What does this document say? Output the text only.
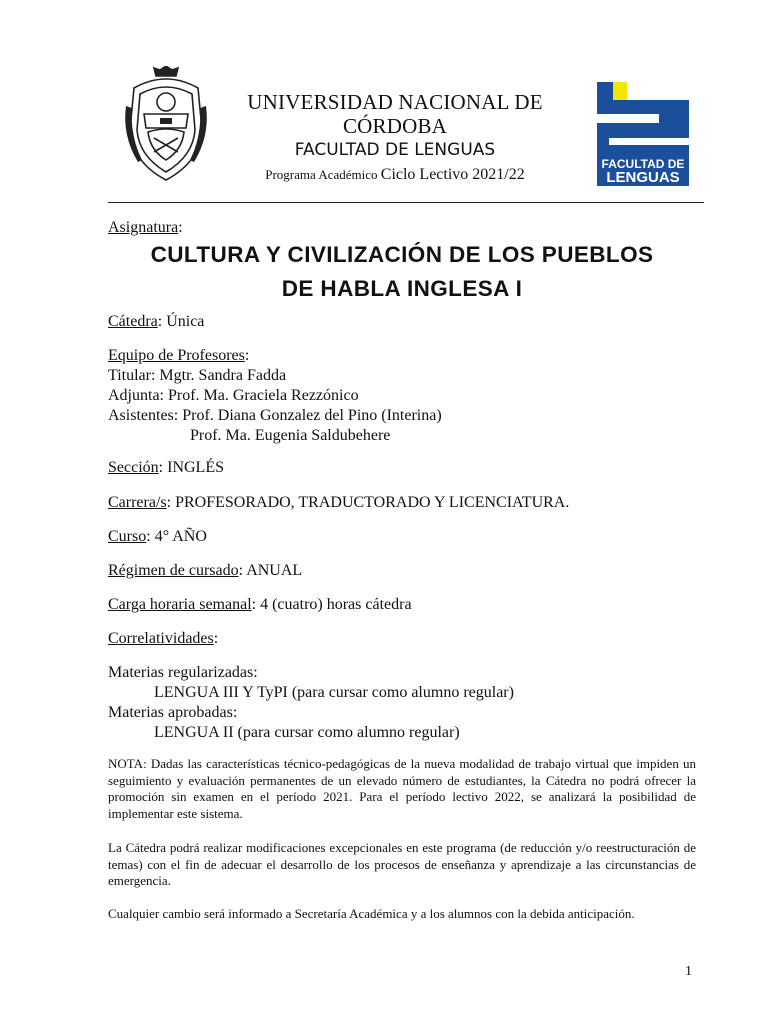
UNIVERSIDAD NACIONAL DE CÓRDOBA
FACULTAD DE LENGUAS
Programa Académico Ciclo Lectivo 2021/22
FACULTAD DE
LENGUAS
Asignatura:
CULTURA Y CIVILIZACIÓN DE LOS PUEBLOS
DE HABLA INGLESA I
Cátedra: Única
Equipo de Profesores:
Titular: Mgtr. Sandra Fadda
Adjunta: Prof. Ma. Graciela Rezzónico
Asistentes: Prof. Diana Gonzalez del Pino (Interina)
Prof. Ma. Eugenia Saldubehere
Sección: INGLÉS
Carrera/s: PROFESORADO, TRADUCTORADO Y LICENCIATURA.
Curso: 4° AÑO
Régimen de cursado: ANUAL
Carga horaria semanal: 4 (cuatro) horas cátedra
Correlatividades:
Materias regularizadas:
LENGUA III Y TyPI (para cursar como alumno regular)
Materias aprobadas:
LENGUA II (para cursar como alumno regular)
NOTA: Dadas las características técnico-pedagógicas de la nueva modalidad de trabajo virtual que impiden un seguimiento y evaluación permanentes de un elevado número de estudiantes, la Cátedra no podrá ofrecer la promoción sin examen en el período 2021. Para el período lectivo 2022, se analizará la posibilidad de implementar este sistema.
La Cátedra podrá realizar modificaciones excepcionales en este programa (de reducción y/o reestructuración de temas) con el fin de adecuar el desarrollo de los procesos de enseñanza y aprendizaje a las circunstancias de emergencia.
Cualquier cambio será informado a Secretaría Académica y a los alumnos con la debida anticipación.
1
